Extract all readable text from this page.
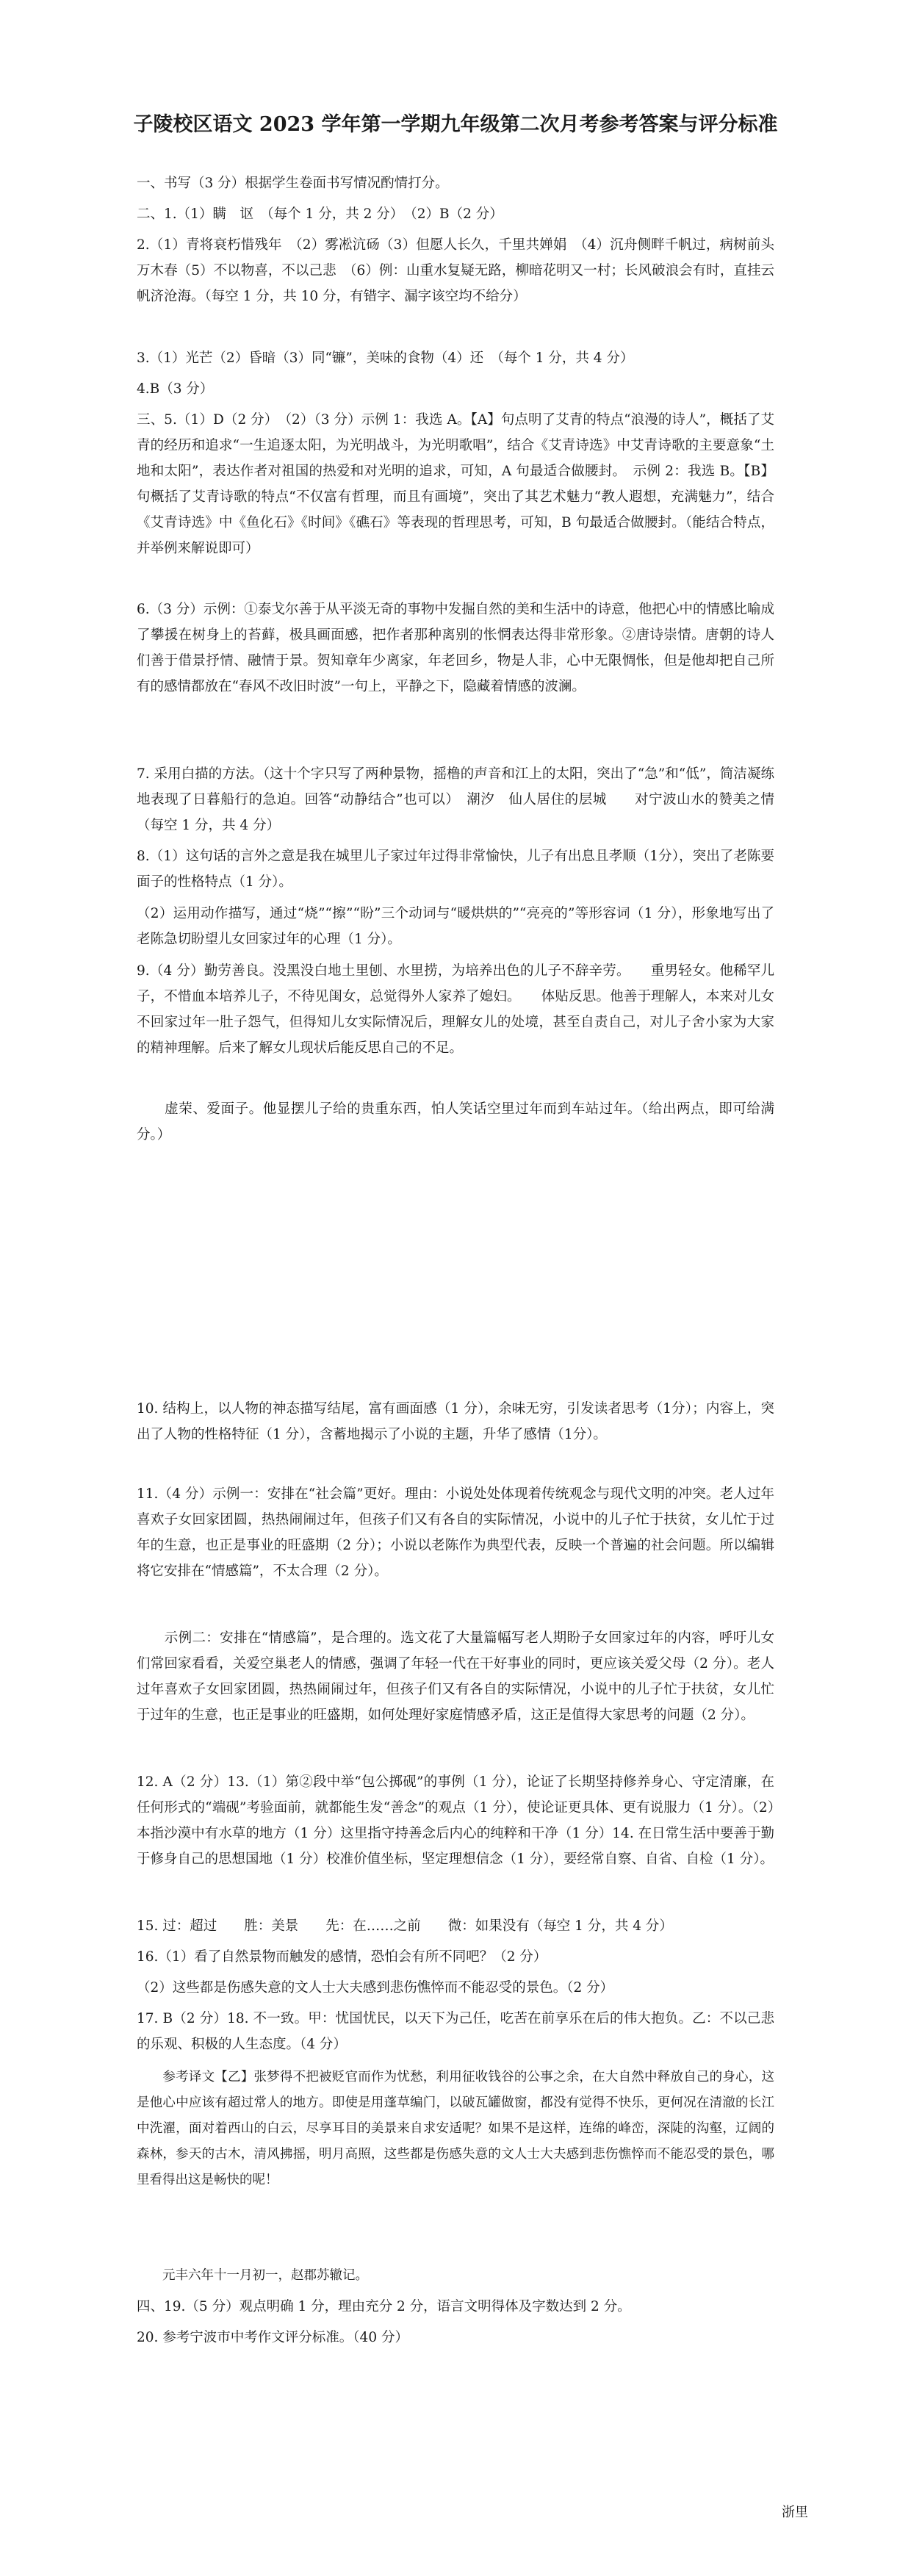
子陵校区语文 2023 学年第一学期九年级第二次月考参考答案与评分标准

一、书写（3 分）根据学生卷面书写情况酌情打分。

二、1.（1）瞒　讴　（每个 1 分，共 2 分）　（2）B（2 分）

2.（1）青将衰朽惜残年　（2）雾凇沆砀（3）但愿人长久，千里共婵娟　（4）沉舟侧畔千帆过，病树前头万木春（5）不以物喜，不以己悲　（6）例：山重水复疑无路，柳暗花明又一村；长风破浪会有时，直挂云帆济沧海。（每空 1 分，共 10 分，有错字、漏字该空均不给分）

3.（1）光芒（2）昏暗（3）同“镰”，美味的食物（4）还　（每个 1 分，共 4 分）

4.B（3 分）

三、5.（1）D（2 分）　（2）（3 分）示例 1：我选 A。【A】句点明了艾青的特点“浪漫的诗人”，概括了艾青的经历和追求“一生追逐太阳，为光明战斗，为光明歌唱”，结合《艾青诗选》中艾青诗歌的主要意象“土地和太阳”，表达作者对祖国的热爱和对光明的追求，可知，A 句最适合做腰封。　示例 2：我选 B。【B】句概括了艾青诗歌的特点“不仅富有哲理，而且有画境”，突出了其艺术魅力“教人遐想，充满魅力”，结合《艾青诗选》中《鱼化石》《时间》《礁石》等表现的哲理思考，可知，B 句最适合做腰封。（能结合特点，并举例来解说即可）

6.（3 分）示例：①泰戈尔善于从平淡无奇的事物中发掘自然的美和生活中的诗意，他把心中的情感比喻成了攀援在树身上的苔藓，极具画面感，把作者那种离别的怅惘表达得非常形象。②唐诗崇情。唐朝的诗人们善于借景抒情、融情于景。贺知章年少离家，年老回乡，物是人非，心中无限惆怅，但是他却把自己所有的感情都放在“春风不改旧时波”一句上，平静之下，隐藏着情感的波澜。

7. 采用白描的方法。（这十个字只写了两种景物，摇橹的声音和江上的太阳，突出了“急”和“低”，简洁凝练地表现了日暮船行的急迫。回答“动静结合”也可以）　潮汐　仙人居住的层城　　对宁波山水的赞美之情　（每空 1 分，共 4 分）

8.（1）这句话的言外之意是我在城里儿子家过年过得非常愉快，儿子有出息且孝顺（1分），突出了老陈要面子的性格特点（1 分）。

（2）运用动作描写，通过“烧”“擦”“盼”三个动词与“暖烘烘的”“亮亮的”等形容词（1 分），形象地写出了老陈急切盼望儿女回家过年的心理（1 分）。

9.（4 分）勤劳善良。没黑没白地土里刨、水里捞，为培养出色的儿子不辞辛劳。　　重男轻女。他稀罕儿子，不惜血本培养儿子，不待见闺女，总觉得外人家养了媳妇。　　体贴反思。他善于理解人，本来对儿女不回家过年一肚子怨气，但得知儿女实际情况后，理解女儿的处境，甚至自责自己，对儿子舍小家为大家的精神理解。后来了解女儿现状后能反思自己的不足。

　　虚荣、爱面子。他显摆儿子给的贵重东西，怕人笑话空里过年而到车站过年。（给出两点，即可给满分。）

10. 结构上，以人物的神态描写结尾，富有画面感（1 分），余味无穷，引发读者思考（1分）；内容上，突出了人物的性格特征（1 分），含蓄地揭示了小说的主题，升华了感情（1分）。

11.（4 分）示例一：安排在“社会篇”更好。理由：小说处处体现着传统观念与现代文明的冲突。老人过年喜欢子女回家团圆，热热闹闹过年，但孩子们又有各自的实际情况，小说中的儿子忙于扶贫，女儿忙于过年的生意，也正是事业的旺盛期（2 分）；小说以老陈作为典型代表，反映一个普遍的社会问题。所以编辑将它安排在“情感篇”，不太合理（2 分）。

　　示例二：安排在“情感篇”，是合理的。选文花了大量篇幅写老人期盼子女回家过年的内容，呼吁儿女们常回家看看，关爱空巢老人的情感，强调了年轻一代在干好事业的同时，更应该关爱父母（2 分）。老人过年喜欢子女回家团圆，热热闹闹过年，但孩子们又有各自的实际情况，小说中的儿子忙于扶贫，女儿忙于过年的生意，也正是事业的旺盛期，如何处理好家庭情感矛盾，这正是值得大家思考的问题（2 分）。

12. A（2 分）13.（1）第②段中举“包公掷砚”的事例（1 分），论证了长期坚持修养身心、守定清廉，在任何形式的“端砚”考验面前，就都能生发“善念”的观点（1 分），使论证更具体、更有说服力（1 分）。（2）本指沙漠中有水草的地方（1 分）这里指守持善念后内心的纯粹和干净（1 分）14. 在日常生活中要善于勤于修身自己的思想国地（1 分）校准价值坐标，坚定理想信念（1 分），要经常自察、自省、自检（1 分）。

15. 过：超过　　胜：美景　　先：在……之前　　微：如果没有（每空 1 分，共 4 分）

16.（1）看了自然景物而触发的感情，恐怕会有所不同吧？（2 分）

（2）这些都是伤感失意的文人士大夫感到悲伤憔悴而不能忍受的景色。（2 分）

17. B（2 分）18. 不一致。甲：忧国忧民，以天下为己任，吃苦在前享乐在后的伟大抱负。乙：不以己悲的乐观、积极的人生态度。（4 分）

　　参考译文【乙】张梦得不把被贬官而作为忧愁，利用征收钱谷的公事之余，在大自然中释放自己的身心，这是他心中应该有超过常人的地方。即使是用蓬草编门，以破瓦罐做窗，都没有觉得不快乐，更何况在清澈的长江中洗濯，面对着西山的白云，尽享耳目的美景来自求安适呢？如果不是这样，连绵的峰峦，深陡的沟壑，辽阔的森林，参天的古木，清风拂摇，明月高照，这些都是伤感失意的文人士大夫感到悲伤憔悴而不能忍受的景色，哪里看得出这是畅快的呢！

　　元丰六年十一月初一，赵郡苏辙记。

四、19.（5 分）观点明确 1 分，理由充分 2 分，语言文明得体及字数达到 2 分。

20. 参考宁波市中考作文评分标准。（40 分）

浙里
